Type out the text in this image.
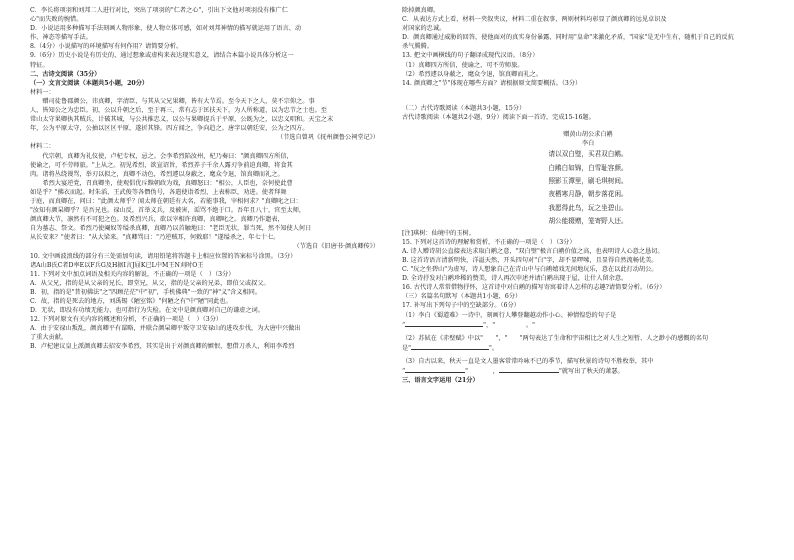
C．李长将项羽和刘邦二人进行对比，突出了项羽的"仁者之心"，引出下文他对项羽没有推广仁

心"而失败的惋惜。

D．小说运用多种描写手法刻画人物形象，使人物立体可感，如对刘邦神情的描写就运用了语言、动

作、神态等描写手法。

8.（4分）小说描写的环境描写有何作用？请简要分析。

9.（6分）历史小说是有历史的，通过想象或虚构来表达现实意义，请结合本篇小说具体分析这一

特征。

二、古诗文阅读（35分）

（一）文言文阅读（本题共5小题，20分）

材料一：

赠司徒鲁郡颜公，讳真卿，字清臣，与其从父兄果卿，皆有大节焉。至今天下之人，莫不宗仰之。事

人，皆知公之为忠臣。初，公以升朝之后，至于再三，常有志于匡扶天下，为人所称道，以为忠节之士也。至

常山太守果卿执其贼兵，计破其城，与公共推忠义，以公与果卿提兵于平原，公既为之，以忠义唱和。天宝之末

年，公为平原太守，公抽以区区平原，遂折其锋。四方闻之，争向趋之。唐字以朝廷安，公为之四方。

（节选自曾巩《抚州颜鲁公祠堂记》）

材料二：

代宗朝，真卿为礼仪使，卢杞专权，忌之。会李希烈陷汝州，杞乃奏曰："颜真卿四方所信，

使谕之，可不劳师旅。"上从之。初见希烈，欲宣诏旨，希烈养子千余人露刃争前迫真卿，将食其

肉。诸将丛绕谩骂，举刃以拟之，真卿不动色，希烈遽以身蔽之，麾众令退，馆真卿而礼之。

希烈大宴逆党，召真卿坐，使观倡优斥黩朝政为戏，真卿怒曰："相公，人臣也，奈何使此曹

如是乎？"拂衣而起。时朱滔、王武俊等各僭伪号，各遣使诣希烈，上表称臣，劝进。使者拜舞

于庭，而真卿在，问曰："此颜太师乎？闻太师在朝廷有大名，若能事我，宰相何求？"真卿叱之曰：

"汝知有颜杲卿乎？是吾兄也。禄山反，首举义兵，及被害，诟骂不绝于口。吾年且八十，官至太师，

颜真卿大节，凛然有不可犯之色。及希烈兴兵，欲以宰相许真卿，真卿叱之。真卿乃作遗表，

自为墓志、祭文。希烈乃使阉奴等缢杀真卿，真卿乃以首触地曰："老臣无状，罪当死，然不知使人何日

从长安来？"使者曰："从大梁来。"真卿骂曰："乃逆贼耳，何敕耶！"遂缢杀之，年七十七。

（节选自《旧唐书·颜真卿传》）

10. 文中画波浪线的部分有三处需加句读，请用铅笔将答题卡上相应位置的答案标号涂黑。（3分）

诸A山B氏C者D率E以F兵G及H据I言J屈K已L中M王N刈时O王

11. 下列对文中加点词语及相关内容的解说，不正确的一项是（　）（3分）

A．从父兄，指的是从父亲的兄长，即堂兄，从父，指的是父亲的兄弟，即伯父或叔父。

B．初，指的是"昔初佛法"之"四顾茫茫"中"初"，手机佛典"一致的"神"义"含义相同。

C．故，指的是死去的地方，刘禹锡《陋室铭》"何陋之有"中"陋"同此也。

D．无状，即没有功绩无能力，也可指行为失检。在文中是颜真卿对自己的谦虚之词。

12. 下列对原文有关内容的概述和分析，不正确的一项是（　）（3分）

A．由于安禄山叛乱，颜真卿平有谋略，并联合颜杲卿平叛守卫安禄山的进攻步伐，为大唐中兴做出

了重大贡献。

B．卢杞建议皇上派颜真卿去招安李希烈，其实是出于对颜真卿的嫉恨，想借刀杀人，利用李希烈

除掉颜真卿。

C．从表达方式上看，材料一夹叙夹议，材料二重在叙事，两则材料均彰显了颜真卿的远见卓识及

对国家的忠诚。

D．颜真卿通过威胁的回答，使他面对的真实身份暴露，同时用"皇命"来激化矛盾，"国家"是无中生有，随机于自己的反抗

杀气腾腾。

13. 把文中画横线的句子翻译成现代汉语。（8分）

（1）真卿四方所信，使谕之，可不劳师旅。

（2）希烈遽以身蔽之，麾众令退，馆真卿而礼之。

14. 颜真卿之"节"体现在哪些方面？请根据原文简要概括。（3分）

（二）古代诗歌阅读（本题共3小题，15分）

古代诗歌阅读（本题共2小题，9分）阅读下面一首诗，完成15-16题。

赠黄山胡公求白鹇

李白

请以双白璧，买君双白鹇。

白鹇白如锦，白雪耻容颜。

照影玉潭里，刷毛琪树间。

夜栖寒月静，朝步落花闲。

我愿得此鸟，玩之坐碧山。

胡公能辍赠，笼寄野人还。

[注]琪树：仙境中的玉树。

15. 下列对这首诗的理解和赏析，不正确的一项是（　）（3分）

A. 诗人赠诗胡公直接表达求取白鹇之意，"双白璧"极言白鹇价值之高，也表明诗人心意之恳切。

B. 这首诗语言清新明快，洋溢天然，开头四句对"白"字，却不显啰嗦，且显得自然流畅优美。

C. "玩之坐碧山"为虚写，诗人想象自己在青山中与白鹇嬉戏无间地玩乐，意在以此打动胡公。

D. 全诗抒发对白鹇珍稀的赞美，诗人再次申述并请白鹇出现于屋，让什人留余意。

16. 古代诗人常常借物抒怀，这首诗中对白鹇的描写寄寓着诗人怎样的志趣?请简要分析。（6分）

（三）名篇名句默写（本题共1小题，6分）

17. 补写出下列句子中的空缺部分。（6分）

（1）李白《蜀道难》一诗中，刻画行人攀登翻越动作小心、神情惶恐的句子是

“	"，"　　　　　。"

（2）苏轼在《赤壁赋》中以"　　"，"　　"两句表达了生命和宇宙相比之对人生之短暂、人之渺小的感慨的名句

是"	"。

（3）自古以来，秋天一直是文人墨客常常吟咏不已的季节，描写秋景的诗句不胜枚举，其中

“	"　　　　，	"就写出了秋天的萧瑟。

三、语言文字运用（21分）
